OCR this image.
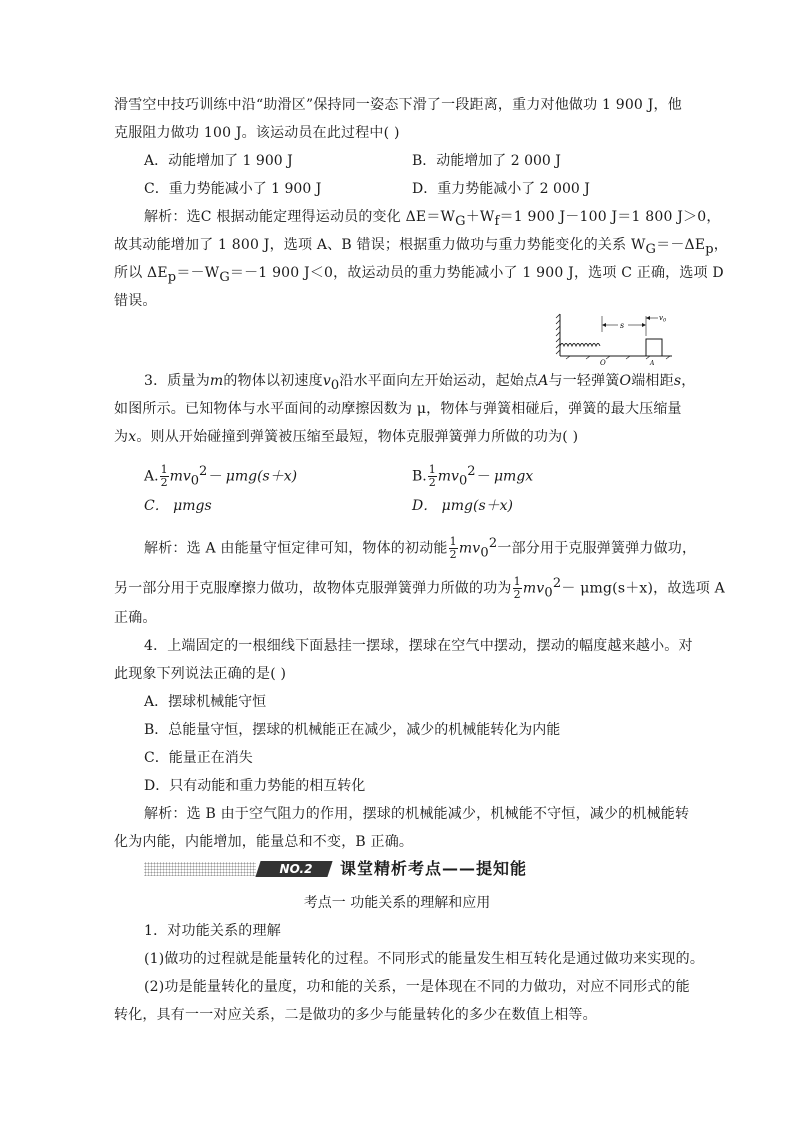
滑雪空中技巧训练中沿“助滑区”保持同一姿态下滑了一段距离，重力对他做功 1 900 J，他
克服阻力做功 100 J。该运动员在此过程中( )
A．动能增加了 1 900 J	B．动能增加了 2 000 J
C．重力势能减小了 1 900 J	D．重力势能减小了 2 000 J
解析：选C 根据动能定理得运动员的变化 $\Delta E=W_G+W_f=1$ 900 J－100 J＝1 800 J＞0，
故其动能增加了 1 800 J，选项 A、B 错误；根据重力做功与重力势能变化的关系 $W_G=-\Delta E_p$，
所以 $\Delta E_p=-W_G=-1$ 900 J＜0，故运动员的重力势能减小了 1 900 J，选项 C 正确，选项 D
错误。
s
$v_0$
O	A
3．质量为m的物体以初速度$v_0$沿水平面向左开始运动，起始点A与一轻弹簧O端相距s，
如图所示。已知物体与水平面间的动摩擦因数为 μ，物体与弹簧相碰后，弹簧的最大压缩量
为x。则从开始碰撞到弹簧被压缩至最短，物体克服弹簧弹力所做的功为( )
A. $\frac{1}{2} mv_0^2- \mu mg(s+x)$	B. $\frac{1}{2} mv_0^2- \mu mgx$
C． μmgs	D． μmg(s＋x)
解析：选 A 由能量守恒定律可知，物体的初动能 $\frac{1}{2} mv_0^2$一部分用于克服弹簧弹力做功，
另一部分用于克服摩擦力做功，故物体克服弹簧弹力所做的功为 $\frac{1}{2} mv_0^2- \mu mg(s+x)$，故选项 A
正确。
4．上端固定的一根细线下面悬挂一摆球，摆球在空气中摆动，摆动的幅度越来越小。对
此现象下列说法正确的是( )
A．摆球机械能守恒
B．总能量守恒，摆球的机械能正在减少，减少的机械能转化为内能
C．能量正在消失
D．只有动能和重力势能的相互转化
解析：选 B 由于空气阻力的作用，摆球的机械能减少，机械能不守恒，减少的机械能转
化为内能，内能增加，能量总和不变，B 正确。
NO.2	课堂精析考点——提知能
考点一 功能关系的理解和应用
1．对功能关系的理解
(1)做功的过程就是能量转化的过程。不同形式的能量发生相互转化是通过做功来实现的。
(2)功是能量转化的量度，功和能的关系，一是体现在不同的力做功，对应不同形式的能
转化，具有一一对应关系，二是做功的多少与能量转化的多少在数值上相等。
